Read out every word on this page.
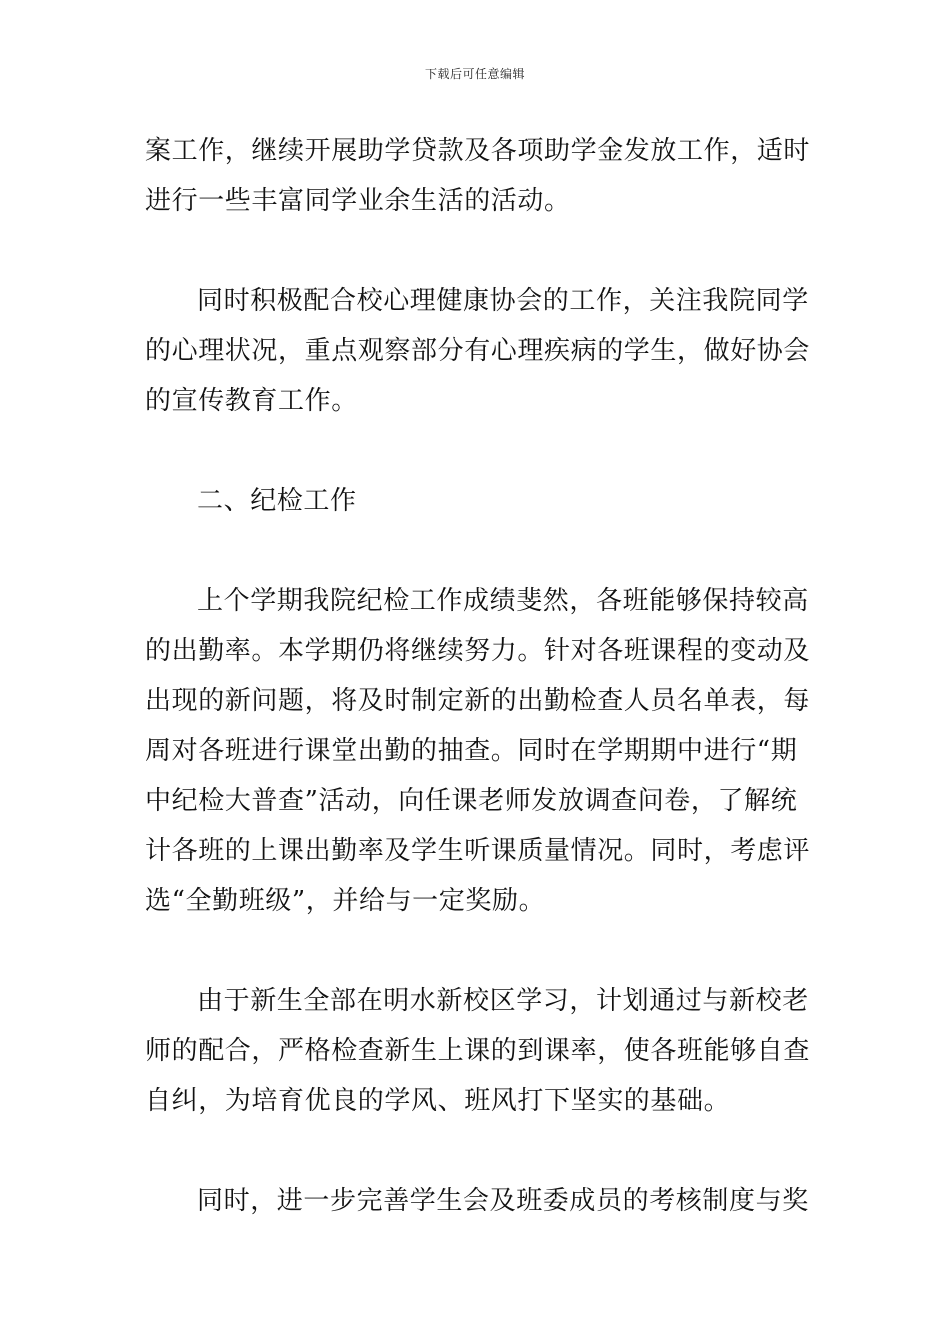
下载后可任意编辑
案工作，继续开展助学贷款及各项助学金发放工作，适时
进行一些丰富同学业余生活的活动。
同时积极配合校心理健康协会的工作，关注我院同学
的心理状况，重点观察部分有心理疾病的学生，做好协会
的宣传教育工作。
二、纪检工作
上个学期我院纪检工作成绩斐然，各班能够保持较高
的出勤率。本学期仍将继续努力。针对各班课程的变动及
出现的新问题，将及时制定新的出勤检查人员名单表，每
周对各班进行课堂出勤的抽查。同时在学期期中进行“期
中纪检大普查”活动，向任课老师发放调查问卷，了解统
计各班的上课出勤率及学生听课质量情况。同时，考虑评
选“全勤班级”，并给与一定奖励。
由于新生全部在明水新校区学习，计划通过与新校老
师的配合，严格检查新生上课的到课率，使各班能够自查
自纠，为培育优良的学风、班风打下坚实的基础。
同时，进一步完善学生会及班委成员的考核制度与奖
